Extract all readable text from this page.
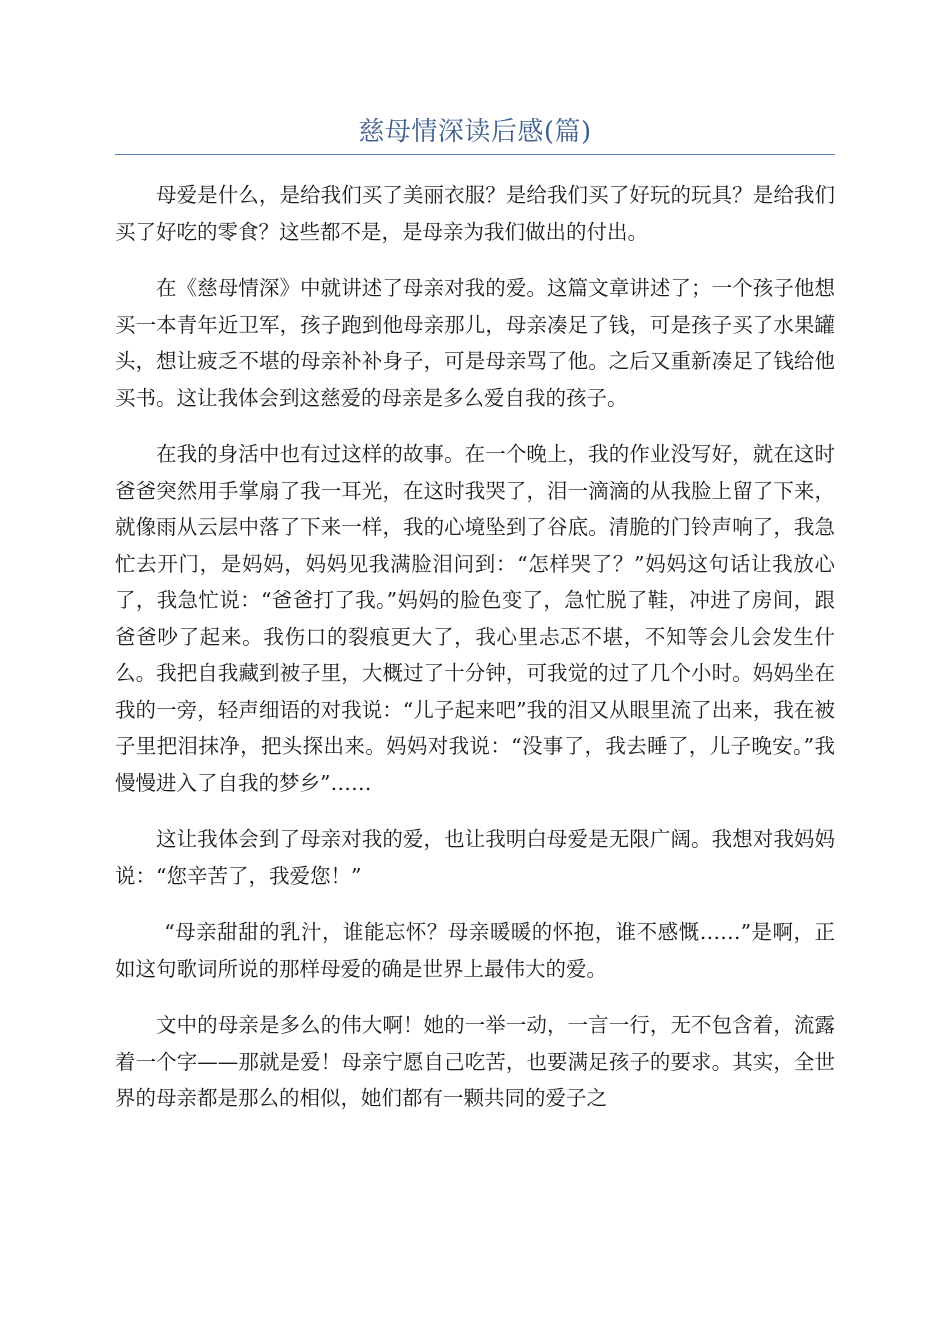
慈母情深读后感(篇)

母爱是什么，是给我们买了美丽衣服？是给我们买了好玩的玩具？是给我们买了好吃的零食？这些都不是，是母亲为我们做出的付出。

在《慈母情深》中就讲述了母亲对我的爱。这篇文章讲述了；一个孩子他想买一本青年近卫军，孩子跑到他母亲那儿，母亲凑足了钱，可是孩子买了水果罐头，想让疲乏不堪的母亲补补身子，可是母亲骂了他。之后又重新凑足了钱给他买书。这让我体会到这慈爱的母亲是多么爱自我的孩子。

在我的身活中也有过这样的故事。在一个晚上，我的作业没写好，就在这时爸爸突然用手掌扇了我一耳光，在这时我哭了，泪一滴滴的从我脸上留了下来，就像雨从云层中落了下来一样，我的心境坠到了谷底。清脆的门铃声响了，我急忙去开门，是妈妈，妈妈见我满脸泪问到：“怎样哭了？”妈妈这句话让我放心了，我急忙说：“爸爸打了我。”妈妈的脸色变了，急忙脱了鞋，冲进了房间，跟爸爸吵了起来。我伤口的裂痕更大了，我心里忐忑不堪，不知等会儿会发生什么。我把自我藏到被子里，大概过了十分钟，可我觉的过了几个小时。妈妈坐在我的一旁，轻声细语的对我说：“儿子起来吧”我的泪又从眼里流了出来，我在被子里把泪抹净，把头探出来。妈妈对我说：“没事了，我去睡了，儿子晚安。”我慢慢进入了自我的梦乡”……

这让我体会到了母亲对我的爱，也让我明白母爱是无限广阔。我想对我妈妈说：“您辛苦了，我爱您！”

“母亲甜甜的乳汁，谁能忘怀？母亲暖暖的怀抱，谁不感慨……”是啊，正如这句歌词所说的那样母爱的确是世界上最伟大的爱。

文中的母亲是多么的伟大啊！她的一举一动，一言一行，无不包含着，流露着一个字——那就是爱！母亲宁愿自己吃苦，也要满足孩子的要求。其实，全世界的母亲都是那么的相似，她们都有一颗共同的爱子之
